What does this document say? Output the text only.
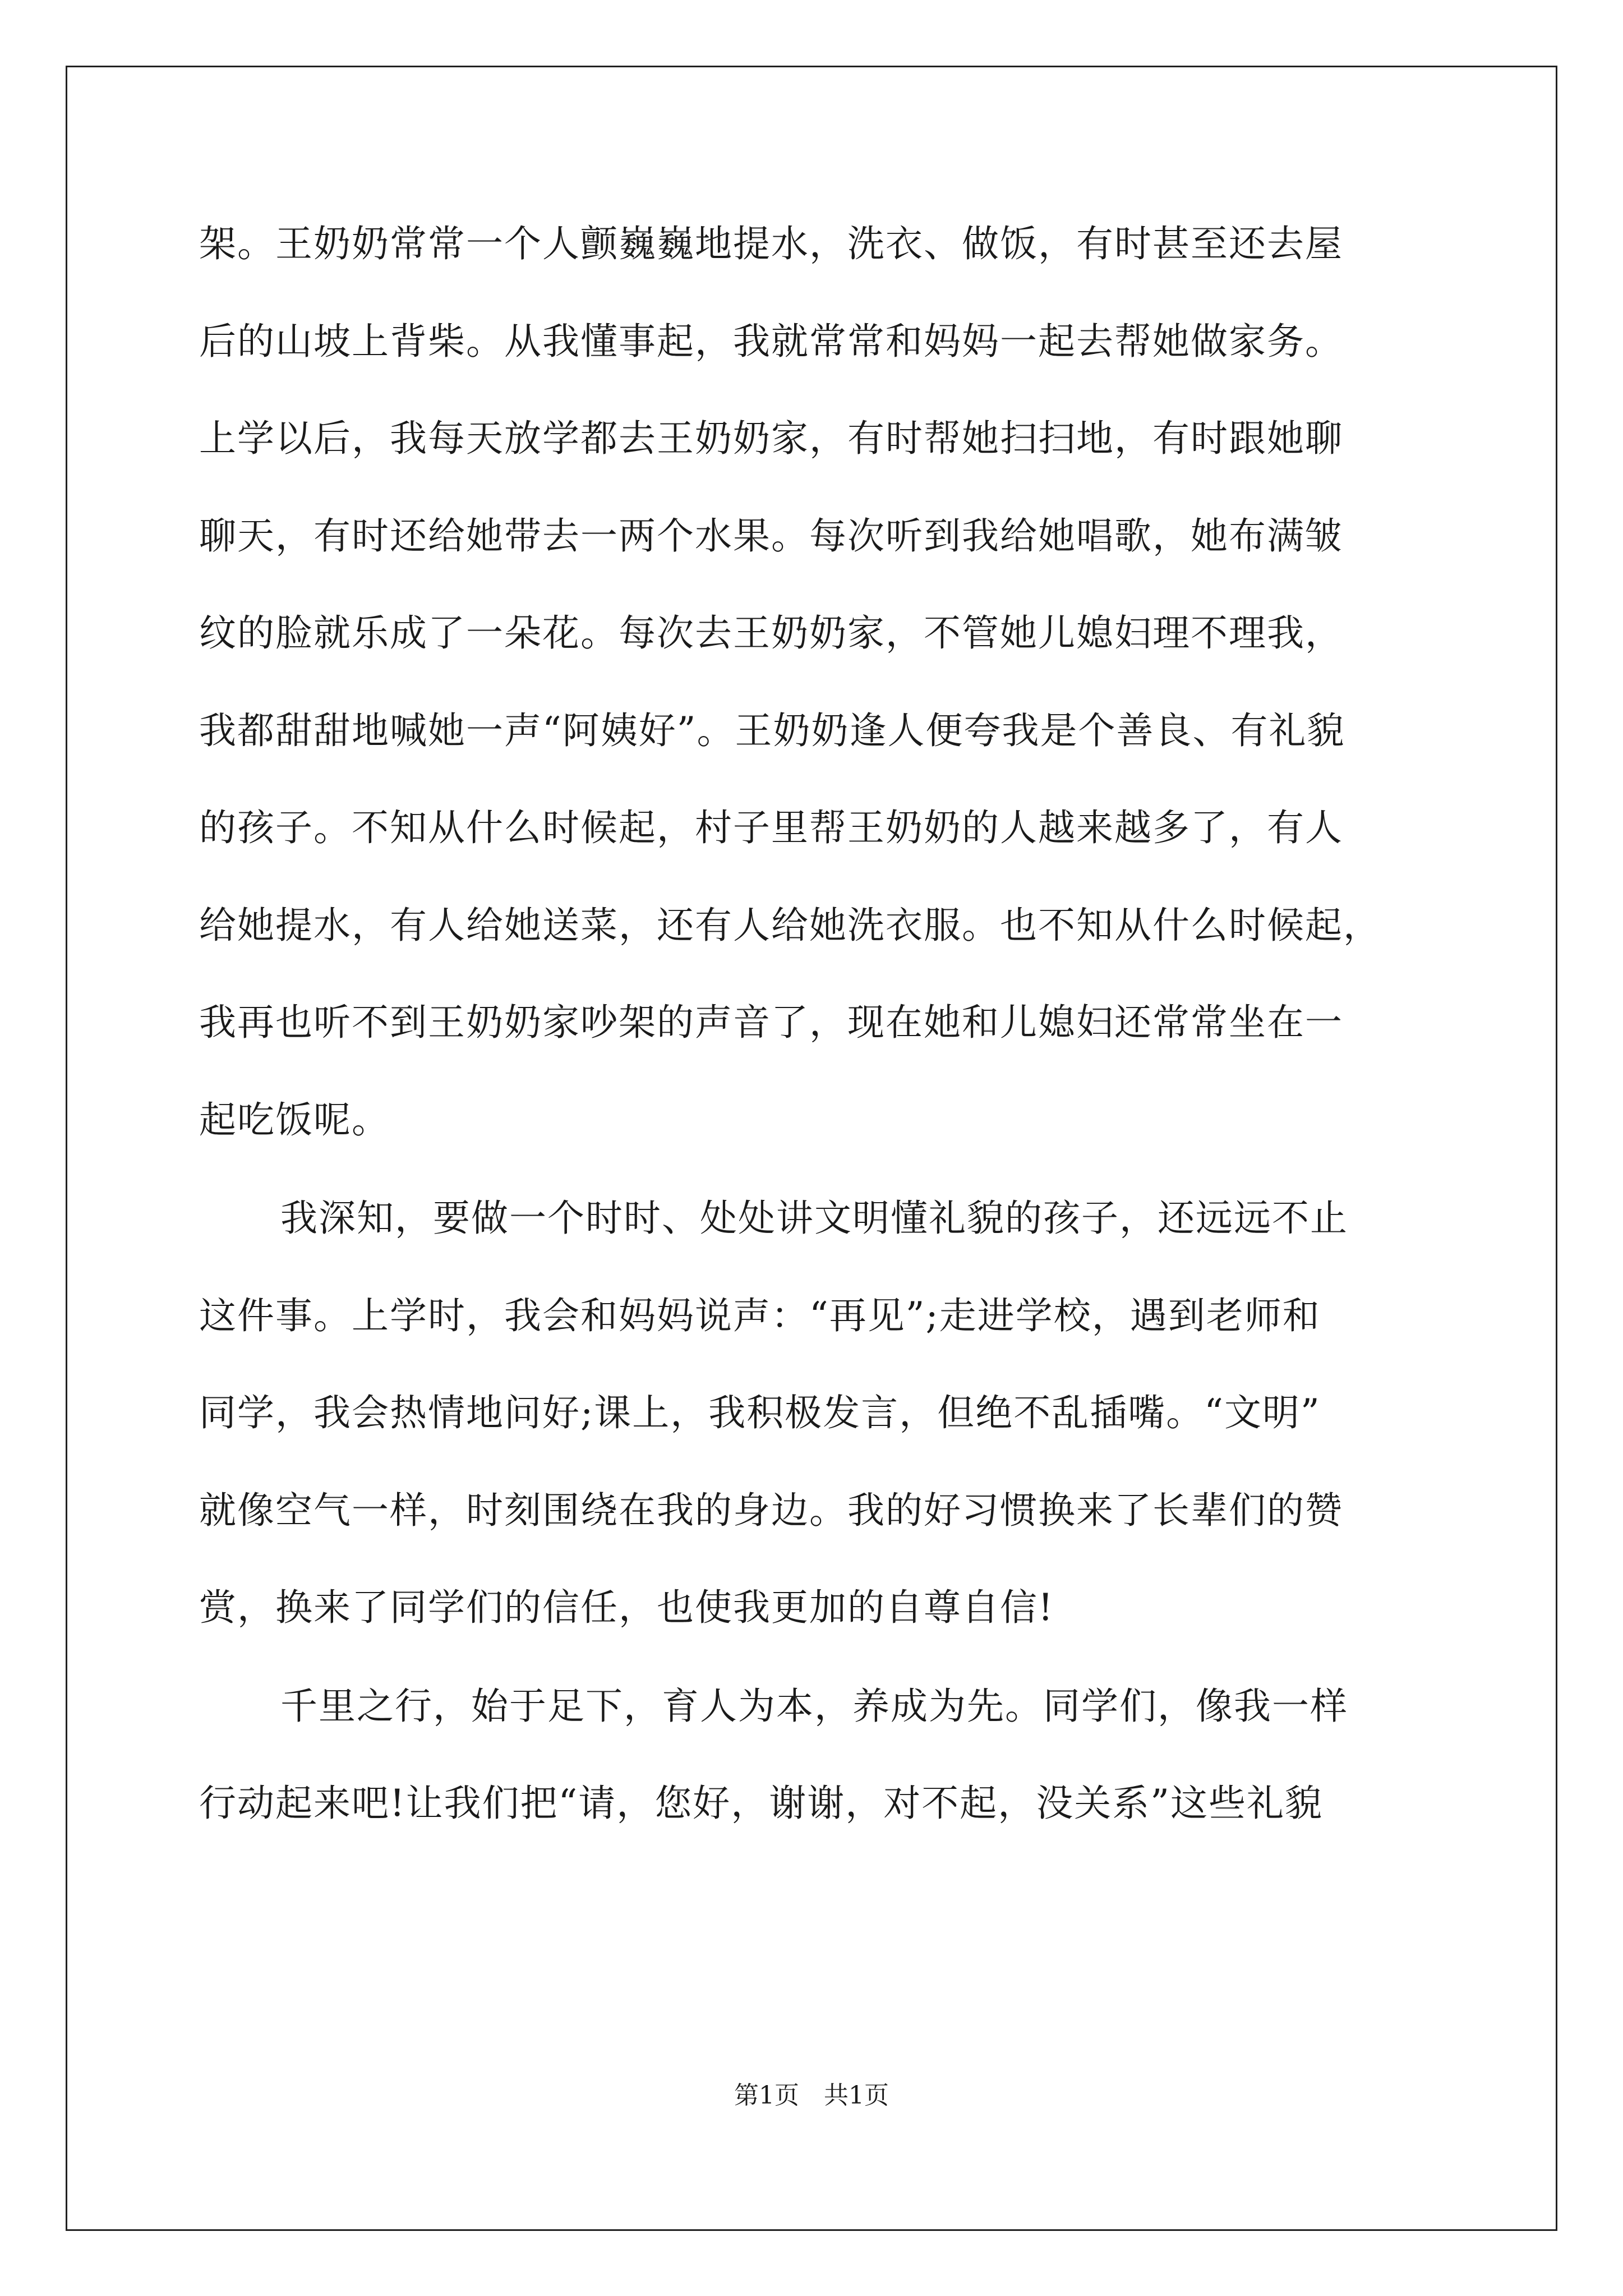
架。王奶奶常常一个人颤巍巍地提水，洗衣、做饭，有时甚至还去屋
后的山坡上背柴。从我懂事起，我就常常和妈妈一起去帮她做家务。
上学以后，我每天放学都去王奶奶家，有时帮她扫扫地，有时跟她聊
聊天，有时还给她带去一两个水果。每次听到我给她唱歌，她布满皱
纹的脸就乐成了一朵花。每次去王奶奶家，不管她儿媳妇理不理我，
我都甜甜地喊她一声“阿姨好”。王奶奶逢人便夸我是个善良、有礼貌
的孩子。不知从什么时候起，村子里帮王奶奶的人越来越多了，有人
给她提水，有人给她送菜，还有人给她洗衣服。也不知从什么时候起，
我再也听不到王奶奶家吵架的声音了，现在她和儿媳妇还常常坐在一
起吃饭呢。
我深知，要做一个时时、处处讲文明懂礼貌的孩子，还远远不止
这件事。上学时，我会和妈妈说声：“再见”;走进学校，遇到老师和
同学，我会热情地问好;课上，我积极发言，但绝不乱插嘴。“文明”
就像空气一样，时刻围绕在我的身边。我的好习惯换来了长辈们的赞
赏，换来了同学们的信任，也使我更加的自尊自信!
千里之行，始于足下，育人为本，养成为先。同学们，像我一样
行动起来吧!让我们把“请，您好，谢谢，对不起，没关系”这些礼貌
第1页　共1页
